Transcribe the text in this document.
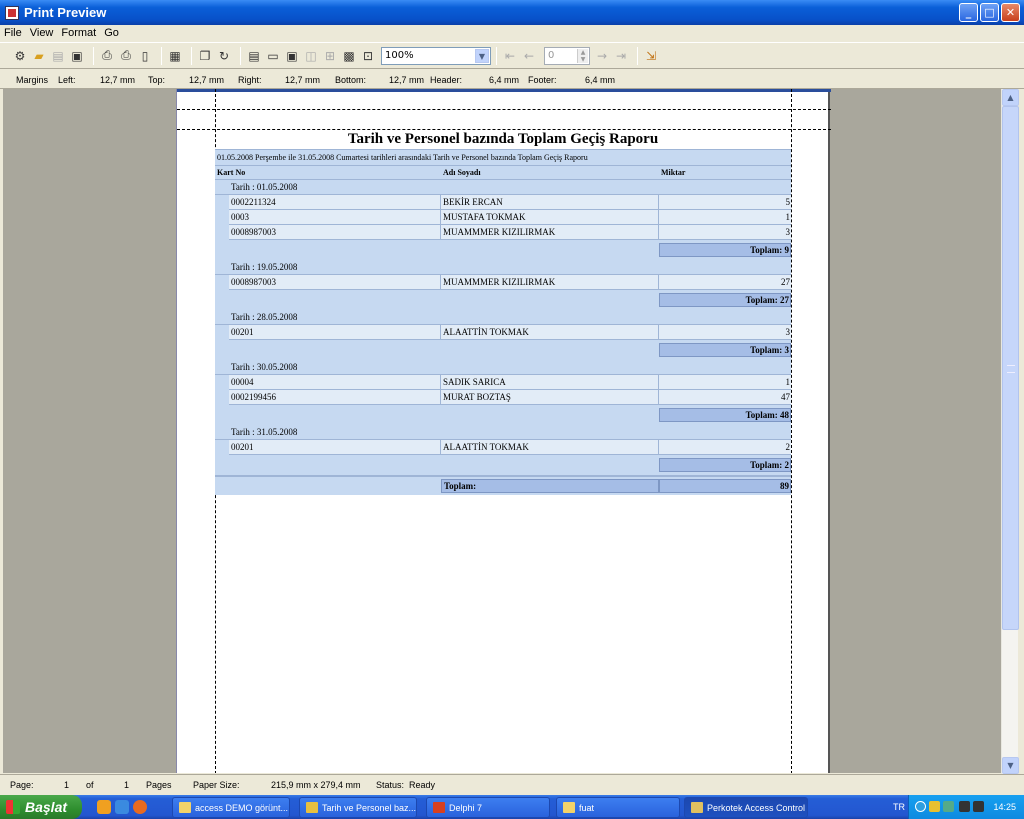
Print Preview	_	□	✕
File View Format Go
⚙ ▰ ▤ ▣ ⎙ ⎙ ▯	▦ ❐ ↻ ▤ ▭ ▣ ◫ ⊞ ▩ ⊡ 100%	▼	⇤ ← 0	▲
▼ → ⇥ ⇲
Margins Left:	12,7 mm Top:	12,7 mm Right:	12,7 mm Bottom:	12,7 mm Header:	6,4 mm Footer:	6,4 mm
Tarih ve Personel bazında Toplam Geçiş Raporu
01.05.2008 Perşembe ile 31.05.2008 Cumartesi tarihleri arasındaki Tarih ve Personel bazında Toplam Geçiş Raporu
Kart No	Adı Soyadı	Miktar
Tarih : 01.05.2008
0002211324	BEKİR ERCAN	5
0003	MUSTAFA TOKMAK	1
0008987003	MUAMMMER KIZILIRMAK	3
Toplam: 9
Tarih : 19.05.2008
0008987003	MUAMMMER KIZILIRMAK	27
Toplam: 27
Tarih : 28.05.2008
00201	ALAATTİN TOKMAK	3
Toplam: 3
Tarih : 30.05.2008
00004	SADIK SARICA	1
0002199456	MURAT BOZTAŞ	47
Toplam: 48
Tarih : 31.05.2008
00201	ALAATTİN TOKMAK	2
Toplam: 2
Toplam:	89
▲
▼
Page:	1 of	1 Pages Paper Size:	215,9 mm x 279,4 mm Status: Ready
Başlat	access DEMO görünt...	Tarih ve Personel baz...	Delphi 7	fuat	Perkotek Access Control	TR	14:25
